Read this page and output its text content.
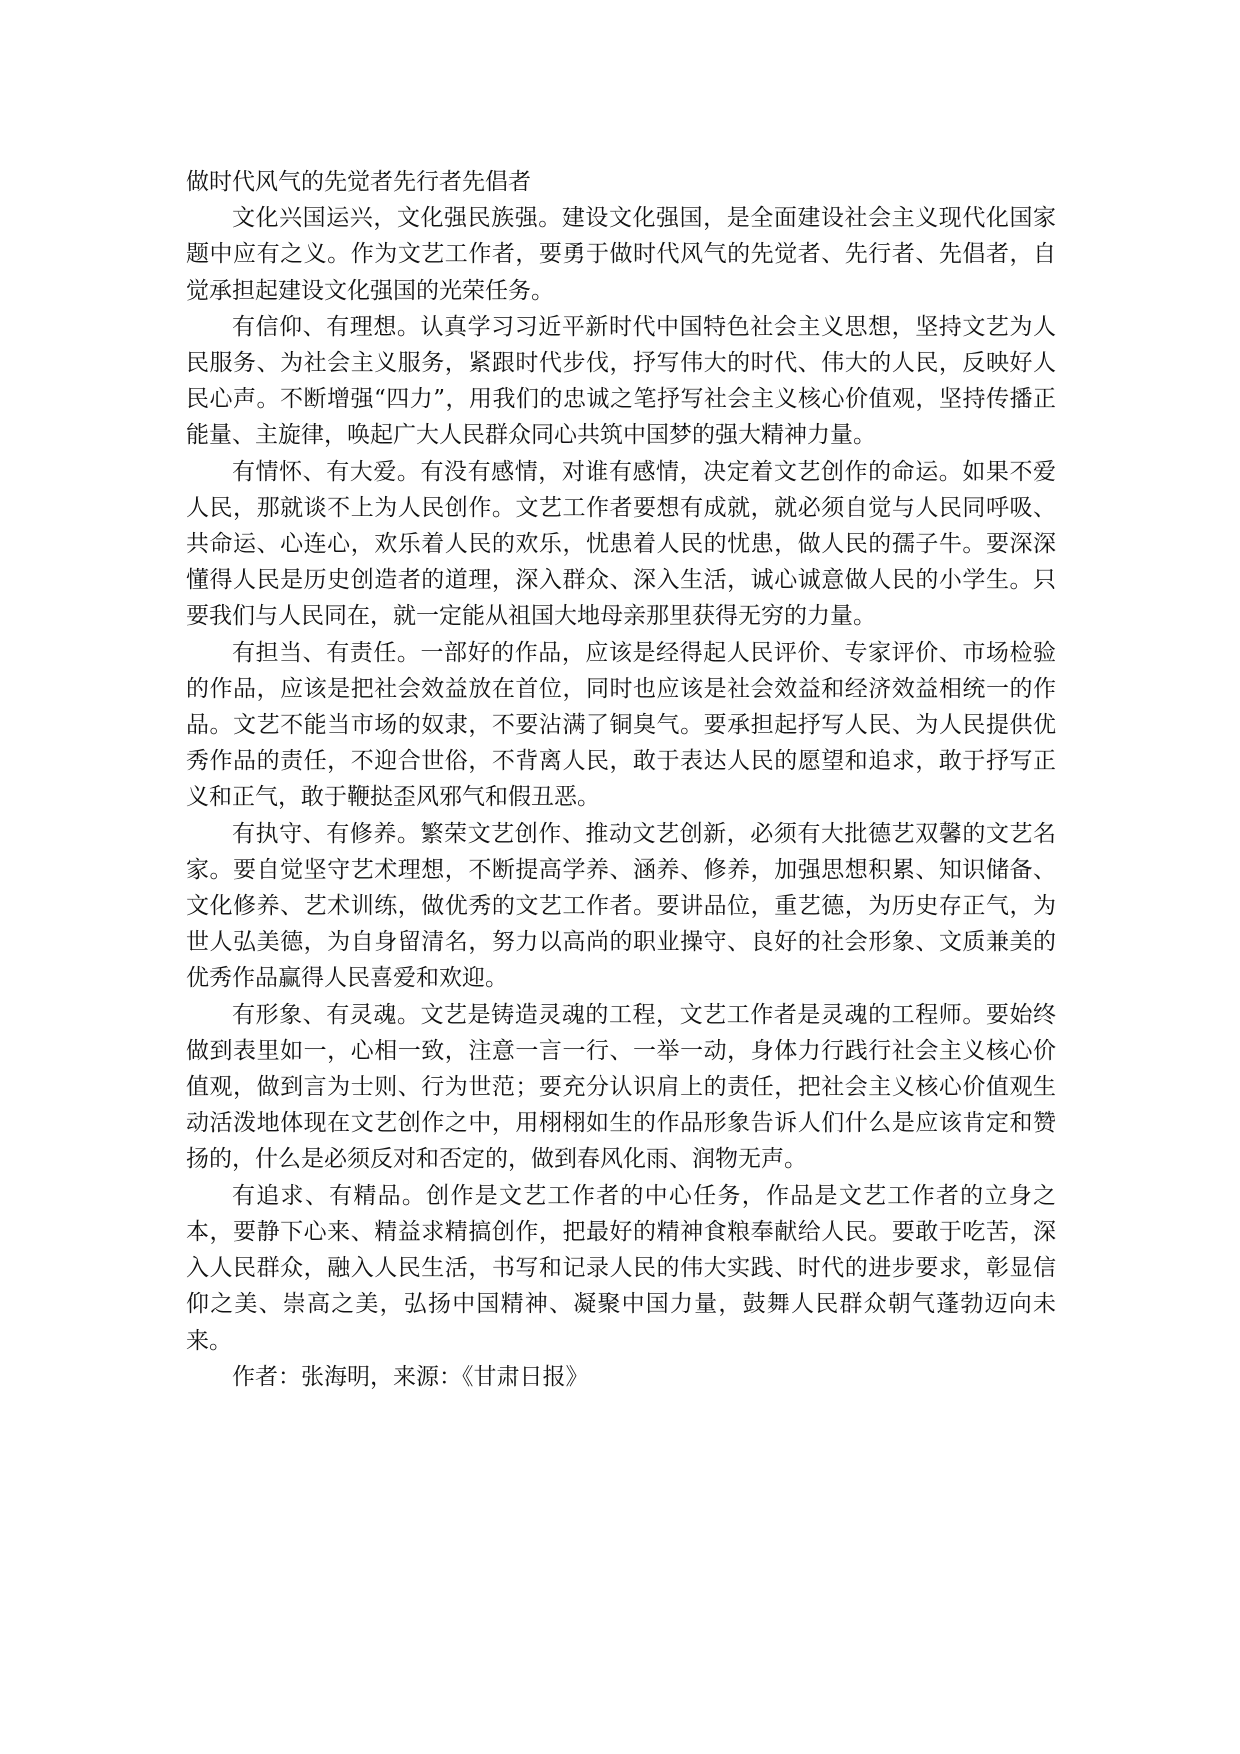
做时代风气的先觉者先行者先倡者

文化兴国运兴，文化强民族强。建设文化强国，是全面建设社会主义现代化国家题中应有之义。作为文艺工作者，要勇于做时代风气的先觉者、先行者、先倡者，自觉承担起建设文化强国的光荣任务。

有信仰、有理想。认真学习习近平新时代中国特色社会主义思想，坚持文艺为人民服务、为社会主义服务，紧跟时代步伐，抒写伟大的时代、伟大的人民，反映好人民心声。不断增强“四力”，用我们的忠诚之笔抒写社会主义核心价值观，坚持传播正能量、主旋律，唤起广大人民群众同心共筑中国梦的强大精神力量。

有情怀、有大爱。有没有感情，对谁有感情，决定着文艺创作的命运。如果不爱人民，那就谈不上为人民创作。文艺工作者要想有成就，就必须自觉与人民同呼吸、共命运、心连心，欢乐着人民的欢乐，忧患着人民的忧患，做人民的孺子牛。要深深懂得人民是历史创造者的道理，深入群众、深入生活，诚心诚意做人民的小学生。只要我们与人民同在，就一定能从祖国大地母亲那里获得无穷的力量。

有担当、有责任。一部好的作品，应该是经得起人民评价、专家评价、市场检验的作品，应该是把社会效益放在首位，同时也应该是社会效益和经济效益相统一的作品。文艺不能当市场的奴隶，不要沾满了铜臭气。要承担起抒写人民、为人民提供优秀作品的责任，不迎合世俗，不背离人民，敢于表达人民的愿望和追求，敢于抒写正义和正气，敢于鞭挞歪风邪气和假丑恶。

有执守、有修养。繁荣文艺创作、推动文艺创新，必须有大批德艺双馨的文艺名家。要自觉坚守艺术理想，不断提高学养、涵养、修养，加强思想积累、知识储备、文化修养、艺术训练，做优秀的文艺工作者。要讲品位，重艺德，为历史存正气，为世人弘美德，为自身留清名，努力以高尚的职业操守、良好的社会形象、文质兼美的优秀作品赢得人民喜爱和欢迎。

有形象、有灵魂。文艺是铸造灵魂的工程，文艺工作者是灵魂的工程师。要始终做到表里如一，心相一致，注意一言一行、一举一动，身体力行践行社会主义核心价值观，做到言为士则、行为世范；要充分认识肩上的责任，把社会主义核心价值观生动活泼地体现在文艺创作之中，用栩栩如生的作品形象告诉人们什么是应该肯定和赞扬的，什么是必须反对和否定的，做到春风化雨、润物无声。

有追求、有精品。创作是文艺工作者的中心任务，作品是文艺工作者的立身之本，要静下心来、精益求精搞创作，把最好的精神食粮奉献给人民。要敢于吃苦，深入人民群众，融入人民生活，书写和记录人民的伟大实践、时代的进步要求，彰显信仰之美、崇高之美，弘扬中国精神、凝聚中国力量，鼓舞人民群众朝气蓬勃迈向未来。

作者：张海明，来源：《甘肃日报》
